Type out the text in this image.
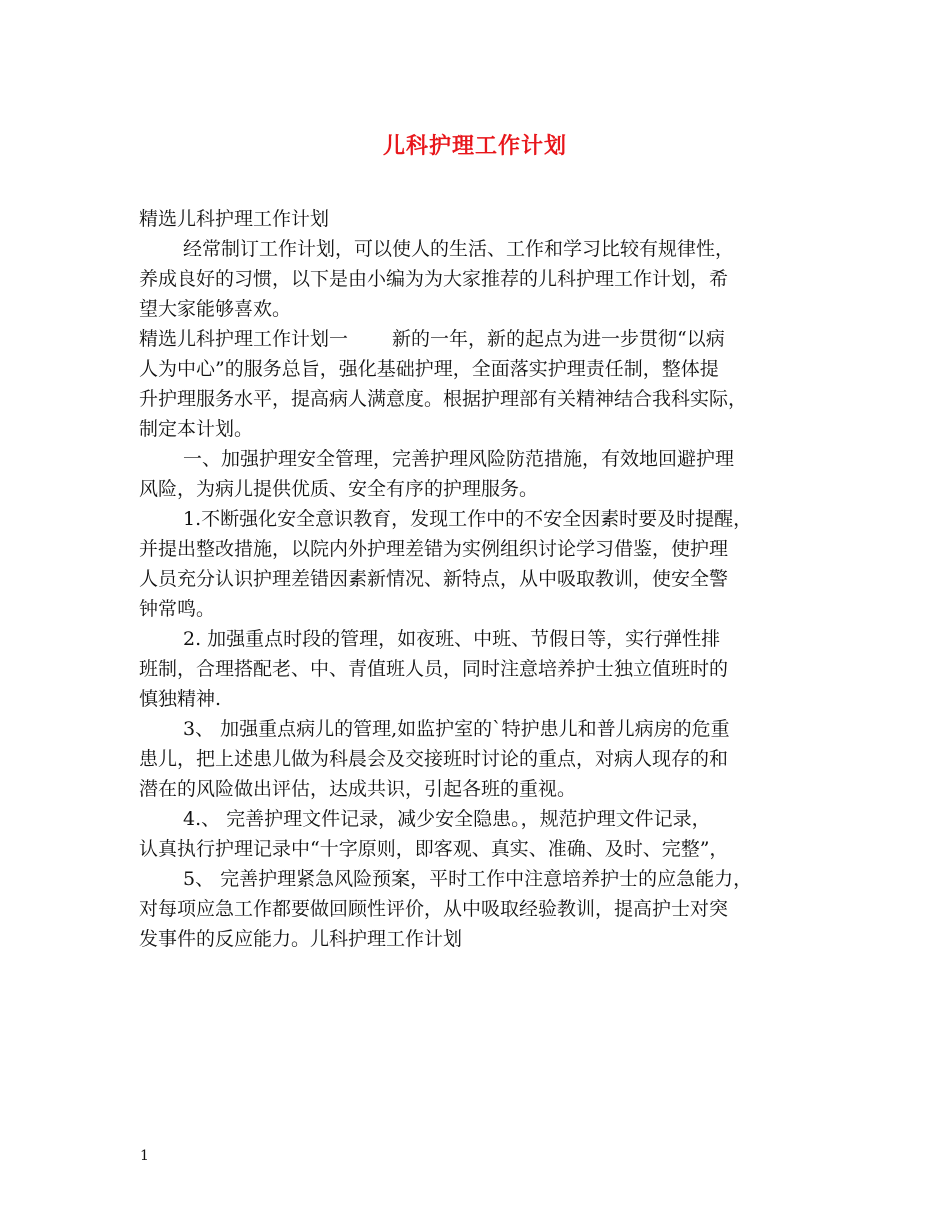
儿科护理工作计划
精选儿科护理工作计划
经常制订工作计划，可以使人的生活、工作和学习比较有规律性，
养成良好的习惯，以下是由小编为为大家推荐的儿科护理工作计划，希
望大家能够喜欢。
精选儿科护理工作计划一 新的一年，新的起点为进一步贯彻“以病
人为中心”的服务总旨，强化基础护理，全面落实护理责任制，整体提
升护理服务水平，提高病人满意度。根据护理部有关精神结合我科实际，
制定本计划。
一、加强护理安全管理，完善护理风险防范措施，有效地回避护理
风险，为病儿提供优质、安全有序的护理服务。
1.不断强化安全意识教育，发现工作中的不安全因素时要及时提醒，
并提出整改措施，以院内外护理差错为实例组织讨论学习借鉴，使护理
人员充分认识护理差错因素新情况、新特点，从中吸取教训，使安全警
钟常鸣。
2. 加强重点时段的管理，如夜班、中班、节假日等，实行弹性排
班制，合理搭配老、中、青值班人员，同时注意培养护士独立值班时的
慎独精神.
3、 加强重点病儿的管理,如监护室的`特护患儿和普儿病房的危重
患儿，把上述患儿做为科晨会及交接班时讨论的重点，对病人现存的和
潜在的风险做出评估，达成共识，引起各班的重视。
4.、 完善护理文件记录，减少安全隐患。，规范护理文件记录，
认真执行护理记录中“十字原则，即客观、真实、准确、及时、完整”，
5、 完善护理紧急风险预案，平时工作中注意培养护士的应急能力，
对每项应急工作都要做回顾性评价，从中吸取经验教训，提高护士对突
发事件的反应能力。儿科护理工作计划
1
